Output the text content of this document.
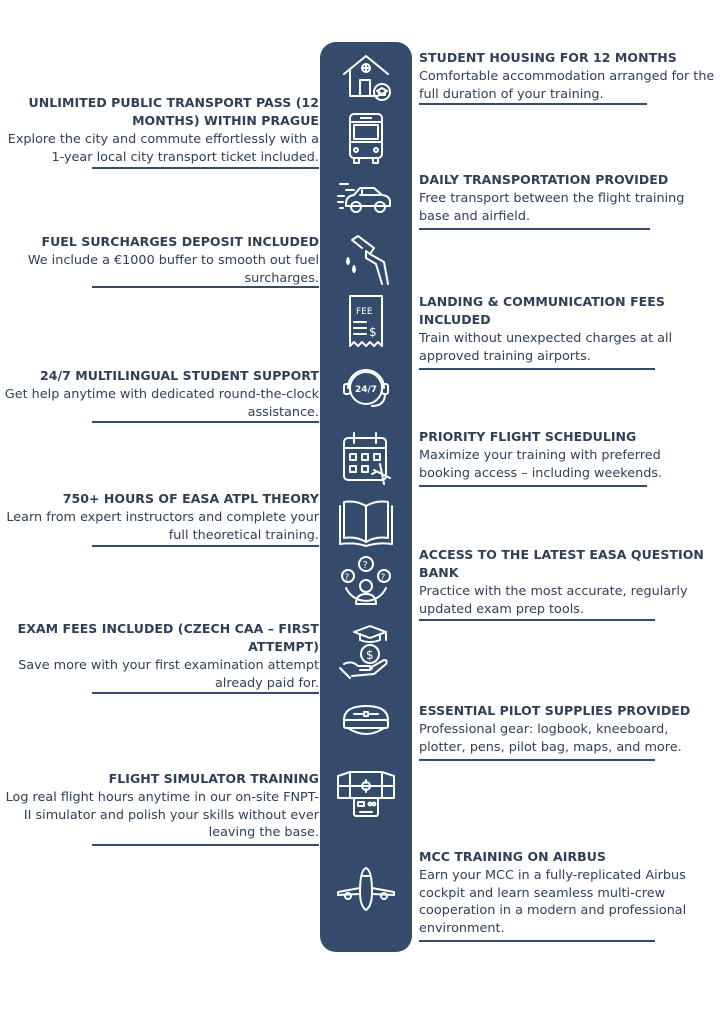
FEE
$
24/7
?
?	?
$
STUDENT HOUSING FOR 12 MONTHS
Comfortable accommodation arranged for the full duration of your training.
UNLIMITED PUBLIC TRANSPORT PASS (12 MONTHS) WITHIN PRAGUE
Explore the city and commute effortlessly with a 1-year local city transport ticket included.
DAILY TRANSPORTATION PROVIDED
Free transport between the flight training base and airfield.
FUEL SURCHARGES DEPOSIT INCLUDED
We include a €1000 buffer to smooth out fuel surcharges.
LANDING & COMMUNICATION FEES INCLUDED
Train without unexpected charges at all approved training airports.
24/7 MULTILINGUAL STUDENT SUPPORT
Get help anytime with dedicated round-the-clock assistance.
PRIORITY FLIGHT SCHEDULING
Maximize your training with preferred booking access – including weekends.
750+ HOURS OF EASA ATPL THEORY
Learn from expert instructors and complete your full theoretical training.
ACCESS TO THE LATEST EASA QUESTION BANK
Practice with the most accurate, regularly updated exam prep tools.
EXAM FEES INCLUDED (CZECH CAA – FIRST ATTEMPT)
Save more with your first examination attempt already paid for.
ESSENTIAL PILOT SUPPLIES PROVIDED
Professional gear: logbook, kneeboard, plotter, pens, pilot bag, maps, and more.
FLIGHT SIMULATOR TRAINING
Log real flight hours anytime in our on-site FNPT-II simulator and polish your skills without ever leaving the base.
MCC TRAINING ON AIRBUS
Earn your MCC in a fully-replicated Airbus cockpit and learn seamless multi-crew cooperation in a modern and professional environment.
